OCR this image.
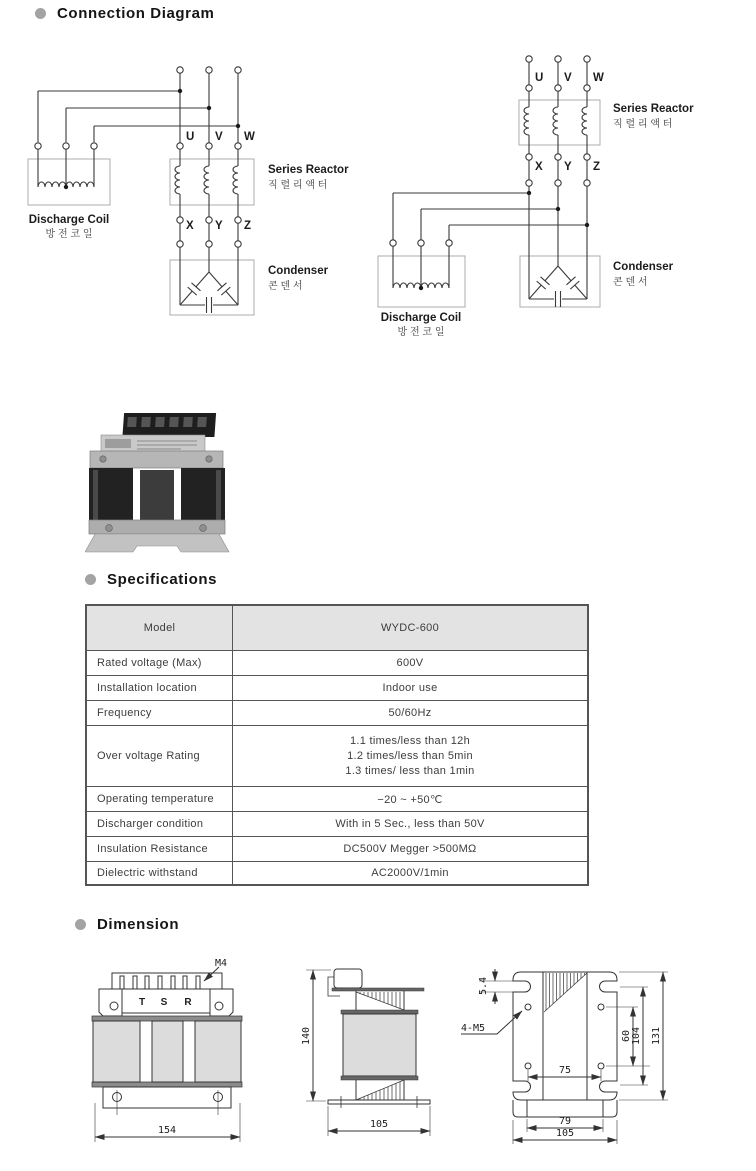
Connection Diagram
U V W
X Y Z
Series Reactor
직 렬 리 액 터
Discharge Coil
방 전 코 일
Condenser
콘 덴 서
U V W
X Y Z
Series Reactor
직 렬 리 액 터
Condenser
콘 덴 서
Discharge Coil
방 전 코 일
Specifications
Model	WYDC-600
Rated voltage (Max)	600V
Installation location	Indoor use
Frequency	50/60Hz
Over voltage Rating
1.1 times/less than 12h
1.2 times/less than 5min
1.3 times/ less than 1min
Operating temperature	−20 ~ +50℃
Discharger condition	With in 5 Sec., less than 50V
Insulation Resistance	DC500V Megger >500MΩ
Dielectric withstand	AC2000V/1min
Dimension
M4
T S R
154
140
105
5.4
4-M5
60 104 131
75
79
105
